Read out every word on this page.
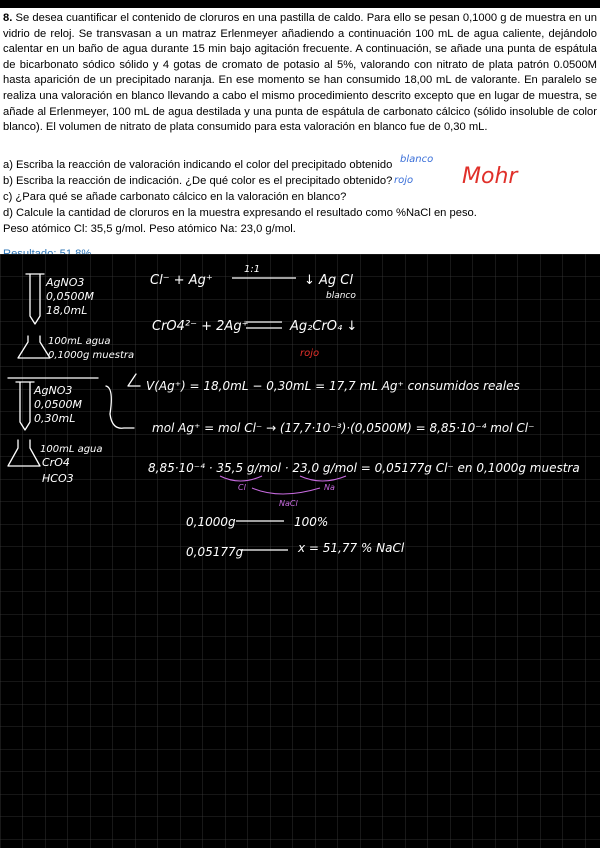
8. Se desea cuantificar el contenido de cloruros en una pastilla de caldo. Para ello se pesan 0,1000 g de muestra en un vidrio de reloj. Se transvasan a un matraz Erlenmeyer añadiendo a continuación 100 mL de agua caliente, dejándolo calentar en un baño de agua durante 15 min bajo agitación frecuente. A continuación, se añade una punta de espátula de bicarbonato sódico sólido y 4 gotas de cromato de potasio al 5%, valorando con nitrato de plata patrón 0.0500M hasta aparición de un precipitado naranja. En ese momento se han consumido 18,00 mL de valorante. En paralelo se realiza una valoración en blanco llevando a cabo el mismo procedimiento descrito excepto que en lugar de muestra, se añade al Erlenmeyer, 100 mL de agua destilada y una punta de espátula de carbonato cálcico (sólido insoluble de color blanco). El volumen de nitrato de plata consumido para esta valoración en blanco fue de 0,30 mL.

a) Escriba la reacción de valoración indicando el color del precipitado obtenido

b) Escriba la reacción de indicación. ¿De qué color es el precipitado obtenido?

c) ¿Para qué se añade carbonato cálcico en la valoración en blanco?

d) Calcule la cantidad de cloruros en la muestra expresando el resultado como %NaCl en peso.

Peso atómico Cl: 35,5 g/mol. Peso atómico Na: 23,0 g/mol.

blanco
rojo Mohr
AgNO3
0,0500M
18,0mL
100mL agua
0,1000g muestra
AgNO3
0,0500M
0,30mL
100mL agua
CrO4
HCO3
Cl⁻ + Ag⁺
1:1
↓ Ag Cl
blanco
CrO4²⁻ + 2Ag⁺	Ag₂CrO₄ ↓
rojo
V(Ag⁺) = 18,0mL − 0,30mL = 17,7 mL Ag⁺ consumidos reales
mol Ag⁺ = mol Cl⁻ → (17,7·10⁻³)·(0,0500M) = 8,85·10⁻⁴ mol Cl⁻
8,85·10⁻⁴ · 35,5 g/mol · 23,0 g/mol = 0,05177g Cl⁻ en 0,1000g muestra
Cl	Na
NaCl
0,1000g	100%
0,05177g	x = 51,77 % NaCl
